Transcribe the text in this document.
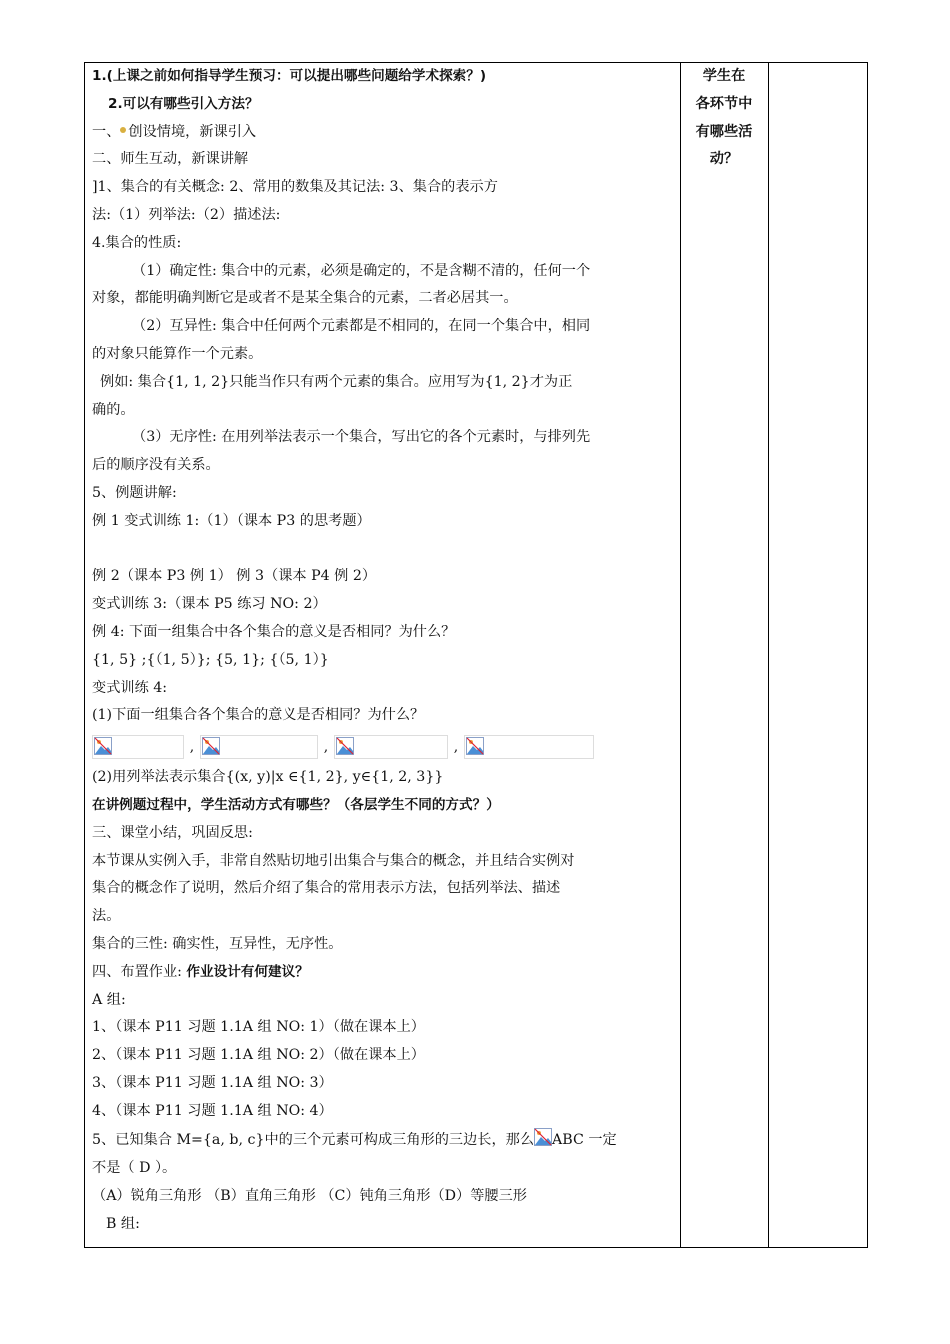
1.(上课之前如何指导学生预习：可以提出哪些问题给学术探索？)
2.可以有哪些引入方法？
一、 创设情境，新课引入
二、师生互动，新课讲解
]1、集合的有关概念: 2、常用的数集及其记法: 3、集合的表示方
法:（1）列举法:（2）描述法:
4.集合的性质:
（1）确定性: 集合中的元素，必须是确定的，不是含糊不清的，任何一个
对象，都能明确判断它是或者不是某全集合的元素，二者必居其一。
（2）互异性: 集合中任何两个元素都是不相同的，在同一个集合中，相同
的对象只能算作一个元素。
例如: 集合{1, 1, 2}只能当作只有两个元素的集合。应用写为{1, 2}才为正
确的。
（3）无序性: 在用列举法表示一个集合，写出它的各个元素时，与排列先
后的顺序没有关系。
5、例题讲解:
例 1 变式训练 1:（1）（课本 P3 的思考题）
例 2（课本 P3 例 1） 例 3（课本 P4 例 2）
变式训练 3:（课本 P5 练习 NO: 2）
例 4: 下面一组集合中各个集合的意义是否相同？为什么？
{1, 5} ;{（1, 5）}; {5, 1}; {（5, 1）}
变式训练 4:
(1)下面一组集合各个集合的意义是否相同？为什么？
,	,	,
(2)用列举法表示集合{(x, y)|x ∈{1, 2}, y∈{1, 2, 3}}
在讲例题过程中，学生活动方式有哪些？（各层学生不同的方式？）
三、课堂小结，巩固反思:
本节课从实例入手，非常自然贴切地引出集合与集合的概念，并且结合实例对
集合的概念作了说明，然后介绍了集合的常用表示方法，包括列举法、描述
法。
集合的三性: 确实性，互异性，无序性。
四、布置作业: 作业设计有何建议？
A 组:
1、（课本 P11 习题 1.1A 组 NO: 1）（做在课本上）
2、（课本 P11 习题 1.1A 组 NO: 2）（做在课本上）
3、（课本 P11 习题 1.1A 组 NO: 3）
4、（课本 P11 习题 1.1A 组 NO: 4）
5、已知集合 M={a, b, c}中的三个元素可构成三角形的三边长，那么 ABC 一定
不是（ D ）。
（A）锐角三角形 （B）直角三角形 （C）钝角三角形（D）等腰三形
B 组:
学生在
各环节中
有哪些活
动？
